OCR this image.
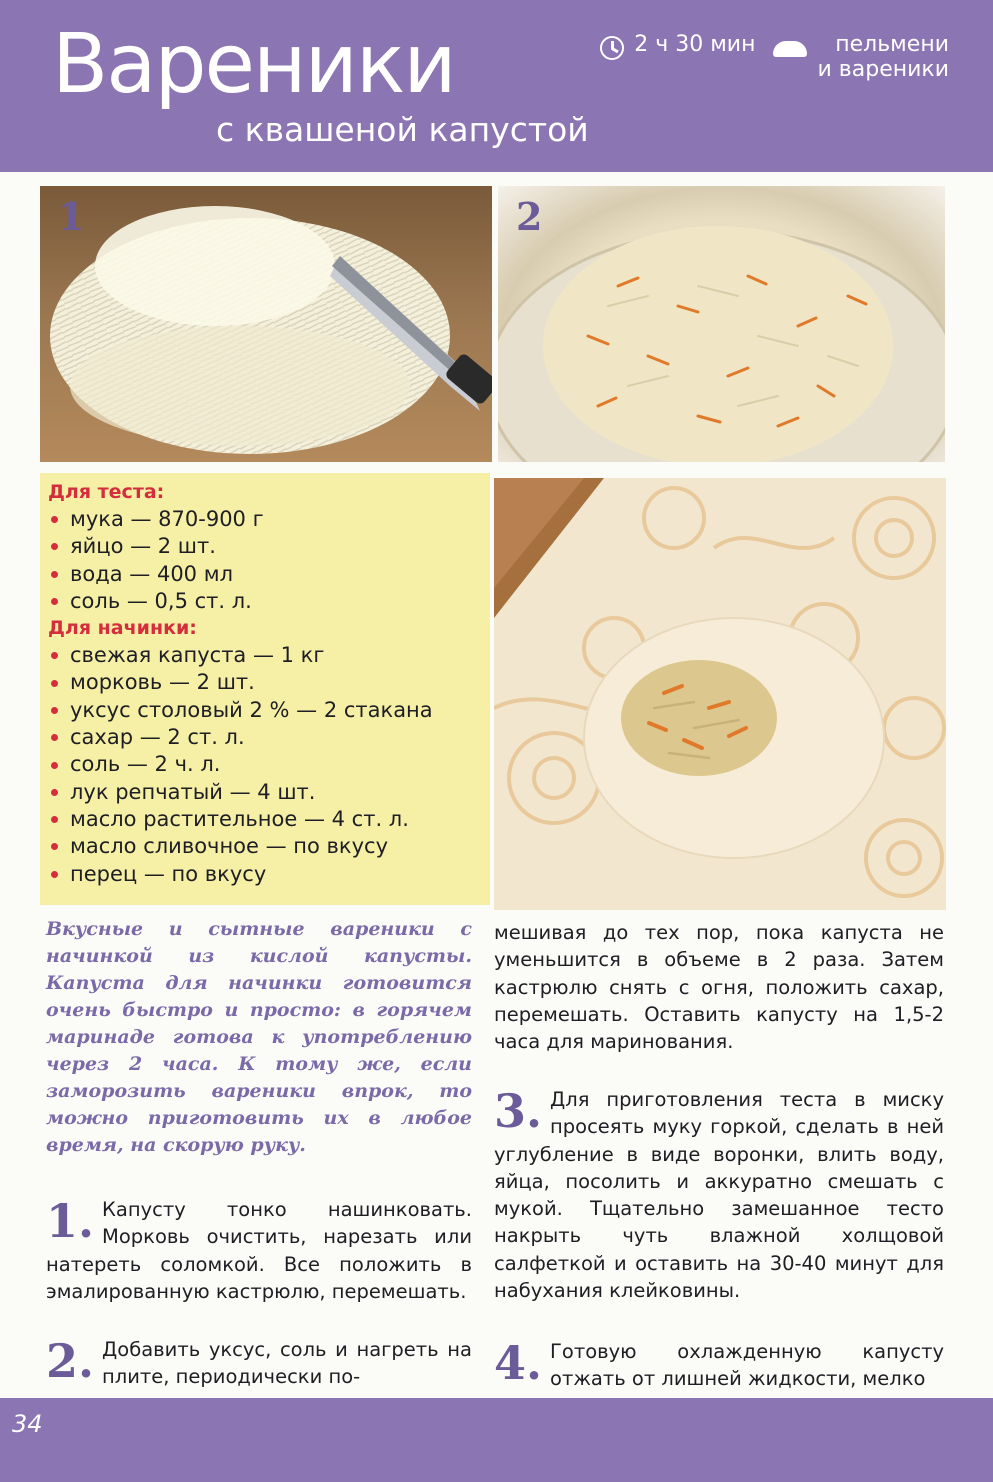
Вареники
с квашеной капустой
2 ч 30 мин	пельмени
и вареники
1	2
Для теста:
мука — 870-900 г
яйцо — 2 шт.
вода — 400 мл
соль — 0,5 ст. л.
Для начинки:
свежая капуста — 1 кг
морковь — 2 шт.
уксус столовый 2 % — 2 стакана
сахар — 2 ст. л.
соль — 2 ч. л.
лук репчатый — 4 шт.
масло растительное — 4 ст. л.
масло сливочное — по вкусу
перец — по вкусу
Вкусные и сытные вареники с начинкой из кислой капусты. Капуста для начинки готовится очень быстро и просто: в горячем маринаде готова к употреблению через 2 часа. К тому же, если заморозить вареники впрок, то можно приготовить их в любое время, на скорую руку.
1. Капусту тонко нашинковать. Морковь очистить, нарезать или натереть соломкой. Все положить в эмалированную кастрюлю, перемешать.
2. Добавить уксус, соль и нагреть на плите, периодически по-
мешивая до тех пор, пока капуста не уменьшится в объеме в 2 раза. Затем кастрюлю снять с огня, положить сахар, перемешать. Оставить капусту на 1,5-2 часа для маринования.
3. Для приготовления теста в миску просеять муку горкой, сделать в ней углубление в виде воронки, влить воду, яйца, посолить и аккуратно смешать с мукой. Тщательно замешанное тесто накрыть чуть влажной холщовой салфеткой и оставить на 30-40 минут для набухания клейковины.
4. Готовую охлажденную капусту отжать от лишней жидкости, мелко
34
